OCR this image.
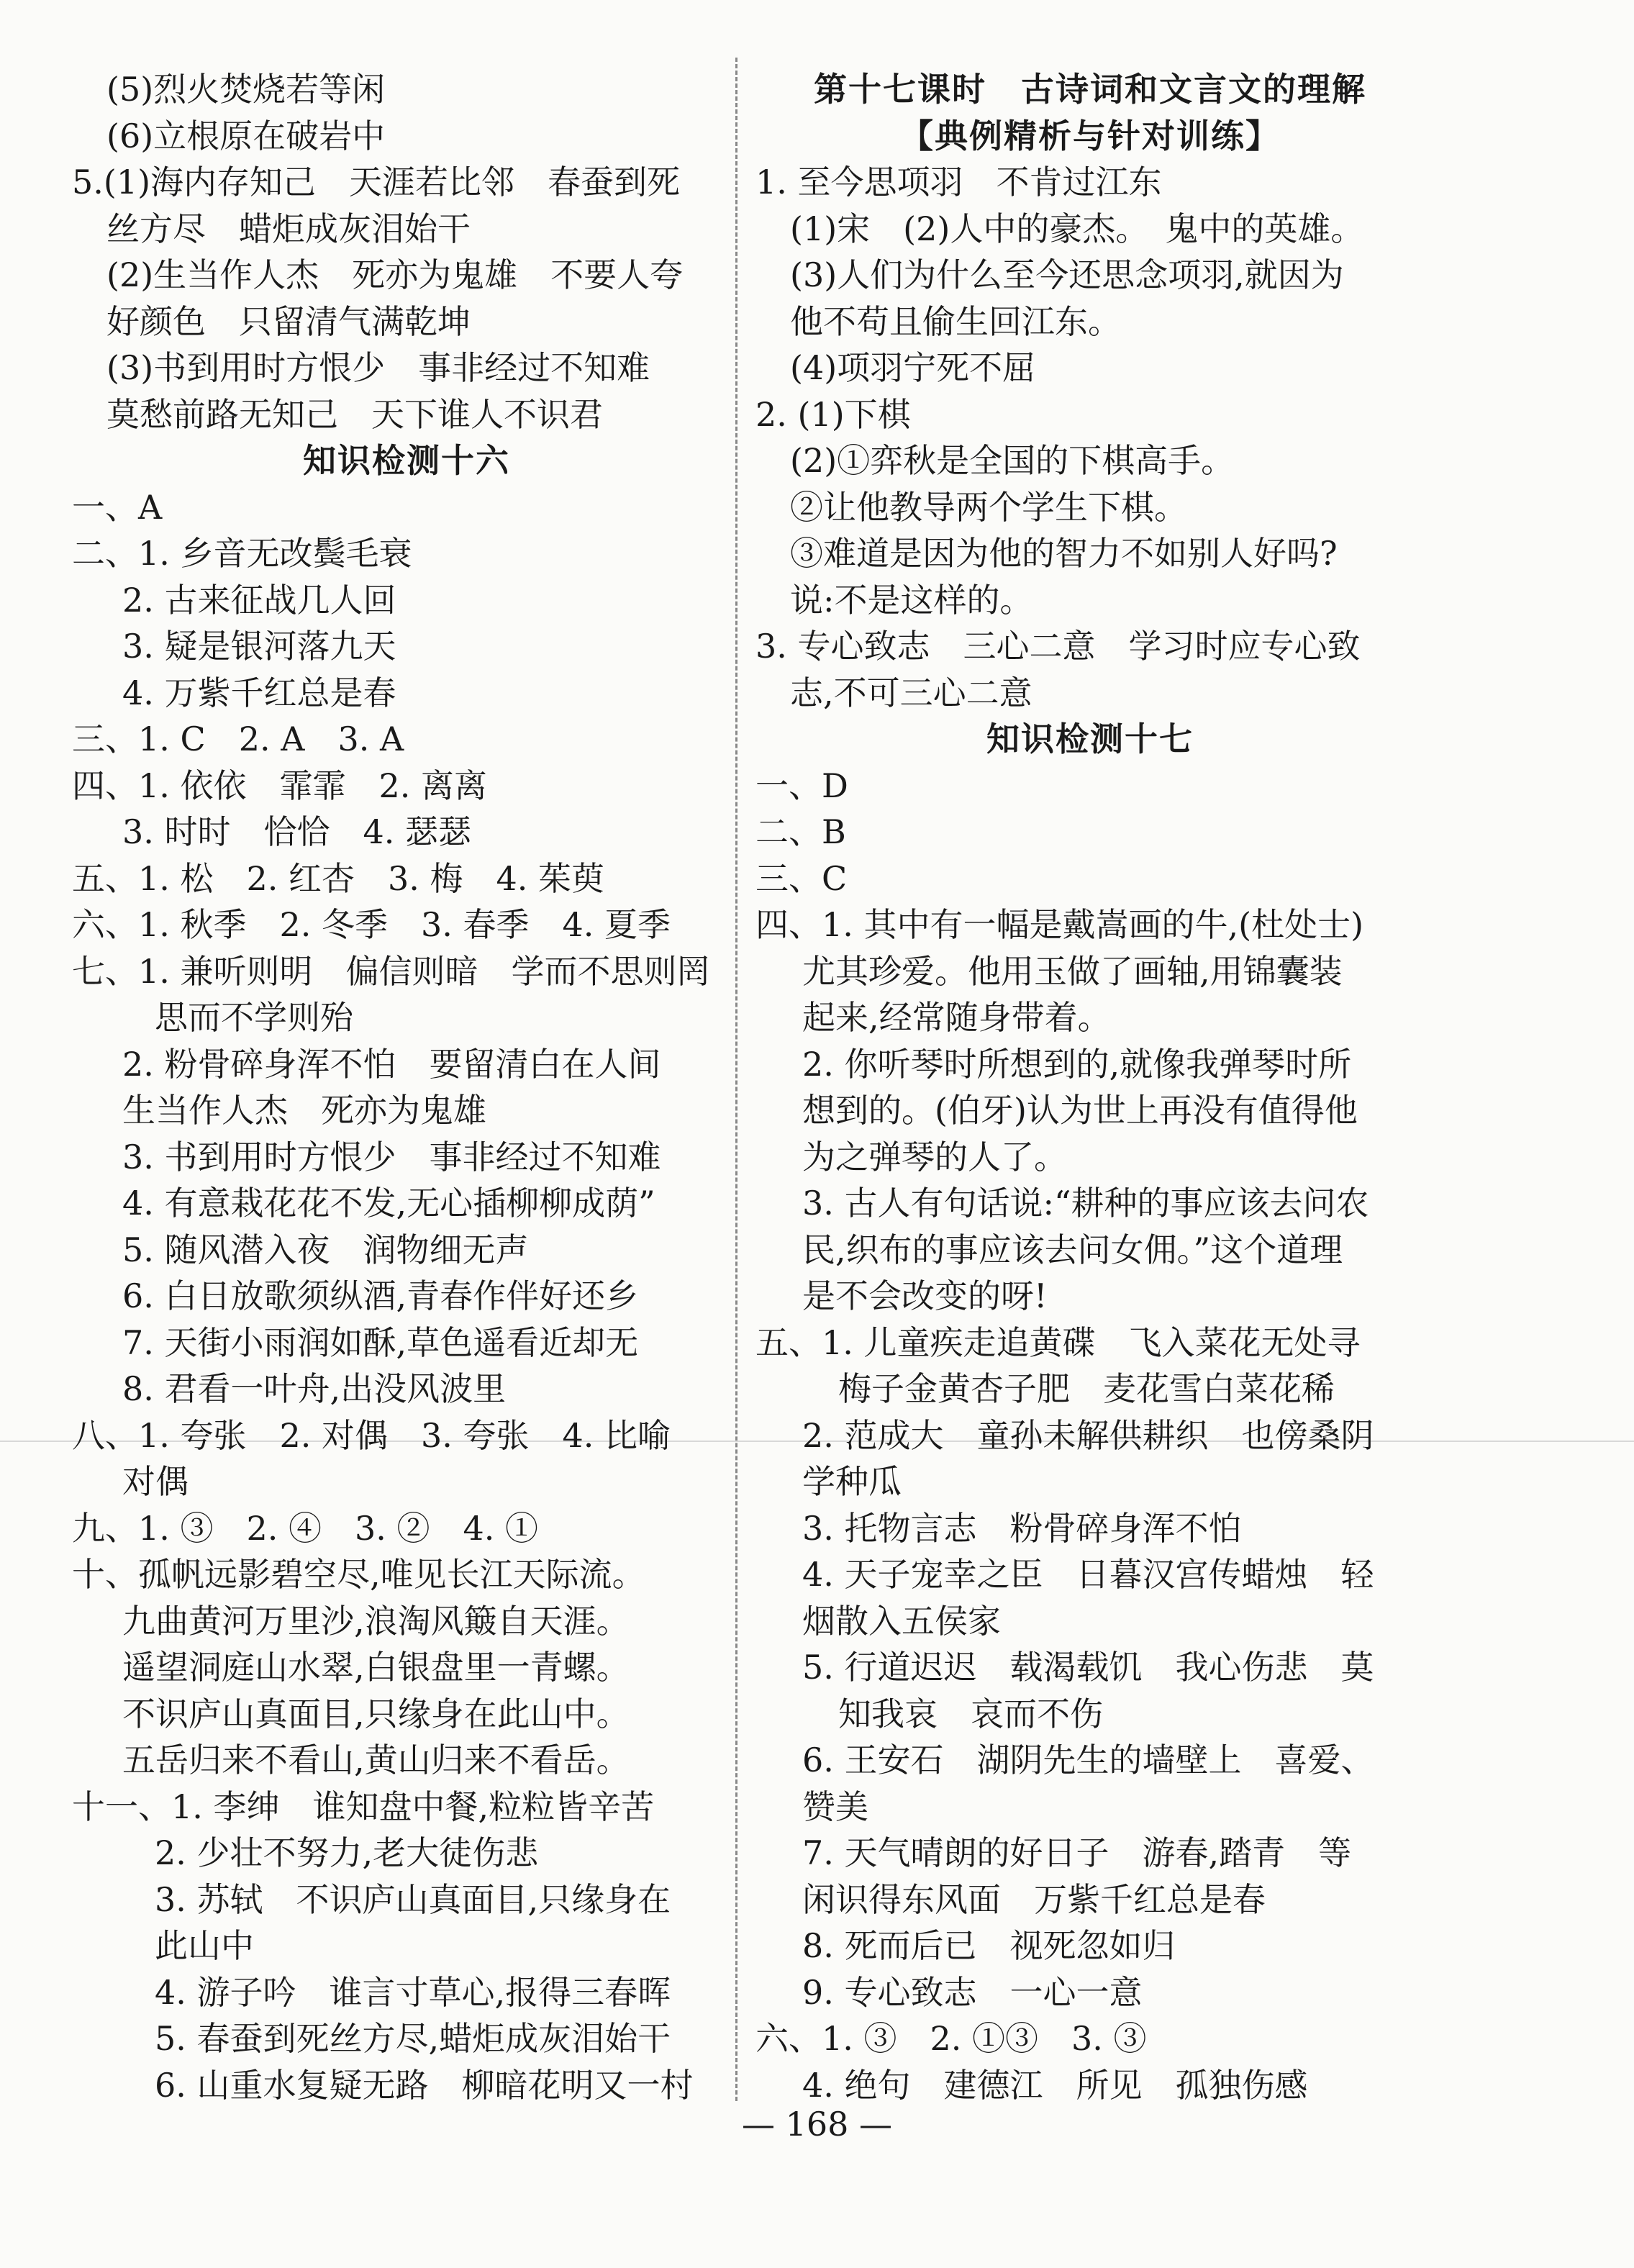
(5)烈火焚烧若等闲
(6)立根原在破岩中
5.(1)海内存知己　天涯若比邻　春蚕到死
丝方尽　蜡炬成灰泪始干
(2)生当作人杰　死亦为鬼雄　不要人夸
好颜色　只留清气满乾坤
(3)书到用时方恨少　事非经过不知难
莫愁前路无知己　天下谁人不识君
知识检测十六
一、A
二、1. 乡音无改鬓毛衰
2. 古来征战几人回
3. 疑是银河落九天
4. 万紫千红总是春
三、1. C　2. A　3. A
四、1. 依依　霏霏　2. 离离
3. 时时　恰恰　4. 瑟瑟
五、1. 松　2. 红杏　3. 梅　4. 茱萸
六、1. 秋季　2. 冬季　3. 春季　4. 夏季
七、1. 兼听则明　偏信则暗　学而不思则罔
思而不学则殆
2. 粉骨碎身浑不怕　要留清白在人间
生当作人杰　死亦为鬼雄
3. 书到用时方恨少　事非经过不知难
4. 有意栽花花不发,无心插柳柳成荫”
5. 随风潜入夜　润物细无声
6. 白日放歌须纵酒,青春作伴好还乡
7. 天街小雨润如酥,草色遥看近却无
8. 君看一叶舟,出没风波里
八、1. 夸张　2. 对偶　3. 夸张　4. 比喻
对偶
九、1. ③　2. ④　3. ②　4. ①
十、孤帆远影碧空尽,唯见长江天际流。
九曲黄河万里沙,浪淘风簸自天涯。
遥望洞庭山水翠,白银盘里一青螺。
不识庐山真面目,只缘身在此山中。
五岳归来不看山,黄山归来不看岳。
十一、1. 李绅　谁知盘中餐,粒粒皆辛苦
2. 少壮不努力,老大徒伤悲
3. 苏轼　不识庐山真面目,只缘身在
此山中
4. 游子吟　谁言寸草心,报得三春晖
5. 春蚕到死丝方尽,蜡炬成灰泪始干
6. 山重水复疑无路　柳暗花明又一村
第十七课时　古诗词和文言文的理解
【典例精析与针对训练】
1. 至今思项羽　不肯过江东
(1)宋　(2)人中的豪杰。　鬼中的英雄。
(3)人们为什么至今还思念项羽,就因为
他不苟且偷生回江东。
(4)项羽宁死不屈
2. (1)下棋
(2)①弈秋是全国的下棋高手。
②让他教导两个学生下棋。
③难道是因为他的智力不如别人好吗?
说:不是这样的。
3. 专心致志　三心二意　学习时应专心致
志,不可三心二意
知识检测十七
一、D
二、B
三、C
四、1. 其中有一幅是戴嵩画的牛,(杜处士)
尤其珍爱。他用玉做了画轴,用锦囊装
起来,经常随身带着。
2. 你听琴时所想到的,就像我弹琴时所
想到的。(伯牙)认为世上再没有值得他
为之弹琴的人了。
3. 古人有句话说:“耕种的事应该去问农
民,织布的事应该去问女佣。”这个道理
是不会改变的呀!
五、1. 儿童疾走追黄碟　飞入菜花无处寻
梅子金黄杏子肥　麦花雪白菜花稀
2. 范成大　童孙未解供耕织　也傍桑阴
学种瓜
3. 托物言志　粉骨碎身浑不怕
4. 天子宠幸之臣　日暮汉宫传蜡烛　轻
烟散入五侯家
5. 行道迟迟　载渴载饥　我心伤悲　莫
知我哀　哀而不伤
6. 王安石　湖阴先生的墙壁上　喜爱、
赞美
7. 天气晴朗的好日子　游春,踏青　等
闲识得东风面　万紫千红总是春
8. 死而后已　视死忽如归
9. 专心致志　一心一意
六、1. ③　2. ①③　3. ③
4. 绝句　建德江　所见　孤独伤感
— 168 —
